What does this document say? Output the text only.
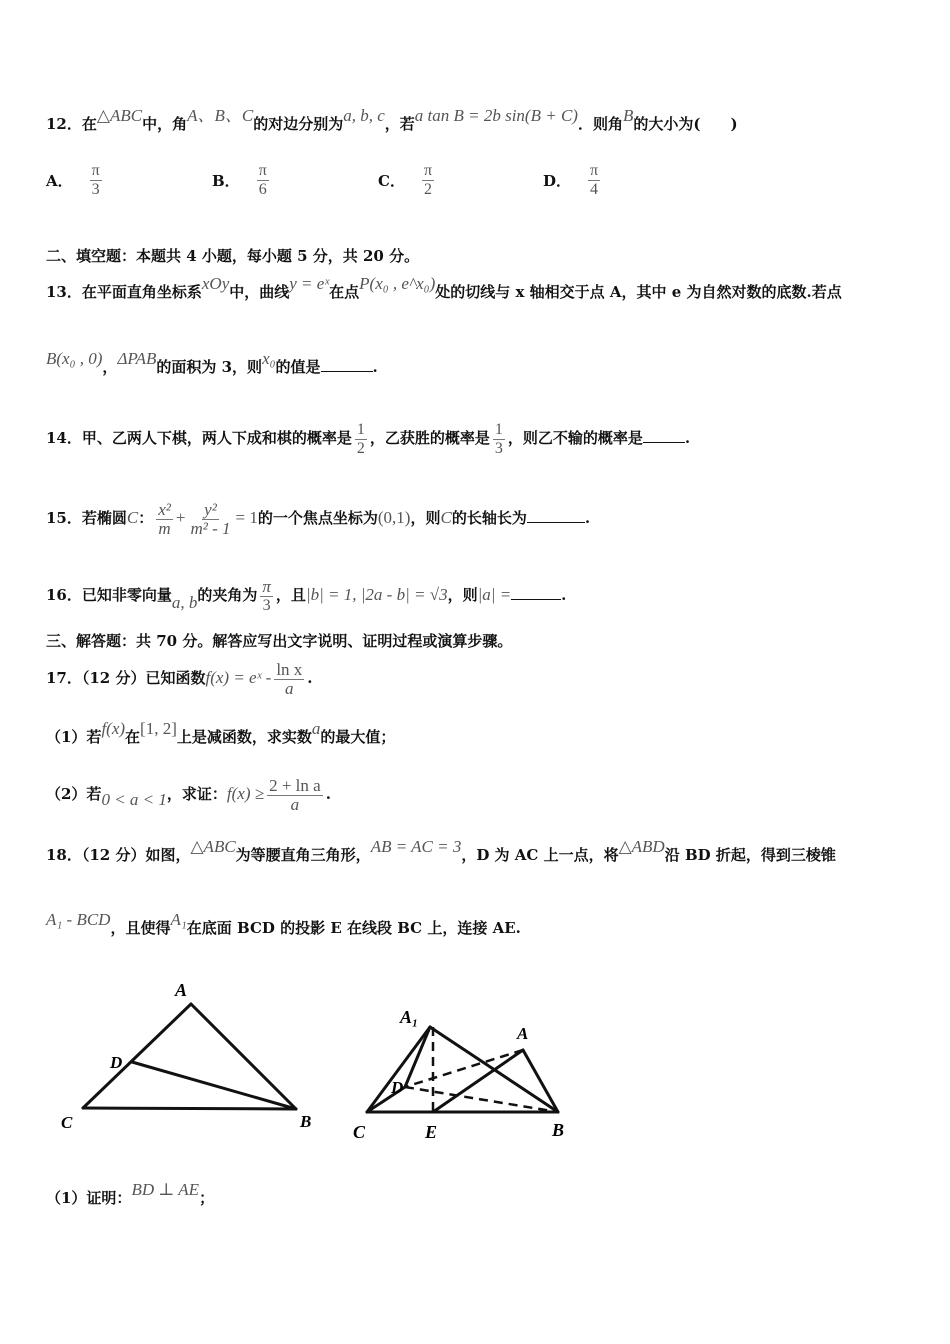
12．在△ABC中，角A、B、C的对边分别为a, b, c，若a tan B = 2b sin(B + C)．则角B的大小为(　　)
A． $\frac{\pi}{3}$	B． $\frac{\pi}{6}$	C． $\frac{\pi}{2}$	D． $\frac{\pi}{4}$
二、填空题：本题共 4 小题，每小题 5 分，共 20 分。
13．在平面直角坐标系xOy中，曲线y = eˣ在点P(x₀ , e^x₀)处的切线与 x 轴相交于点 A，其中 e 为自然对数的底数.若点
B(x₀ , 0)，ΔPAB的面积为 3，则x₀的值是	.
14．甲、乙两人下棋，两人下成和棋的概率是 $\frac{1}{2}$ ，乙获胜的概率是 $\frac{1}{3}$ ，则乙不输的概率是	.
15．若椭圆C： $\frac{\text{x²}}{m} + \frac{\text{y²}}{\text{m² - 1}} = 1$的一个焦点坐标为(0,1)，则C的长轴长为	.
16．已知非零向量a, b的夹角为 $\frac{\pi}{3}$ ，且|b| = 1, |2a - b| = √3，则|a| =	.
三、解答题：共 70 分。解答应写出文字说明、证明过程或演算步骤。
17．（12 分）已知函数f(x) = eˣ - $\frac{\text{ln x}}{a}$ .
（1）若f(x)在[1, 2]上是减函数，求实数a的最大值；
（2）若0 < a < 1，求证：$f(x) \ge \frac{\text{2 + ln a}}{a}$ .
18．（12 分）如图，△ABC为等腰直角三角形，AB = AC = 3，D 为 AC 上一点，将△ABD沿 BD 折起，得到三棱锥
A₁ - BCD，且使得A₁在底面 BCD 的投影 E 在线段 BC 上，连接 AE.
A
D
C	B
A₁
A
D
C	E	B
（1）证明：BD ⊥ AE；
